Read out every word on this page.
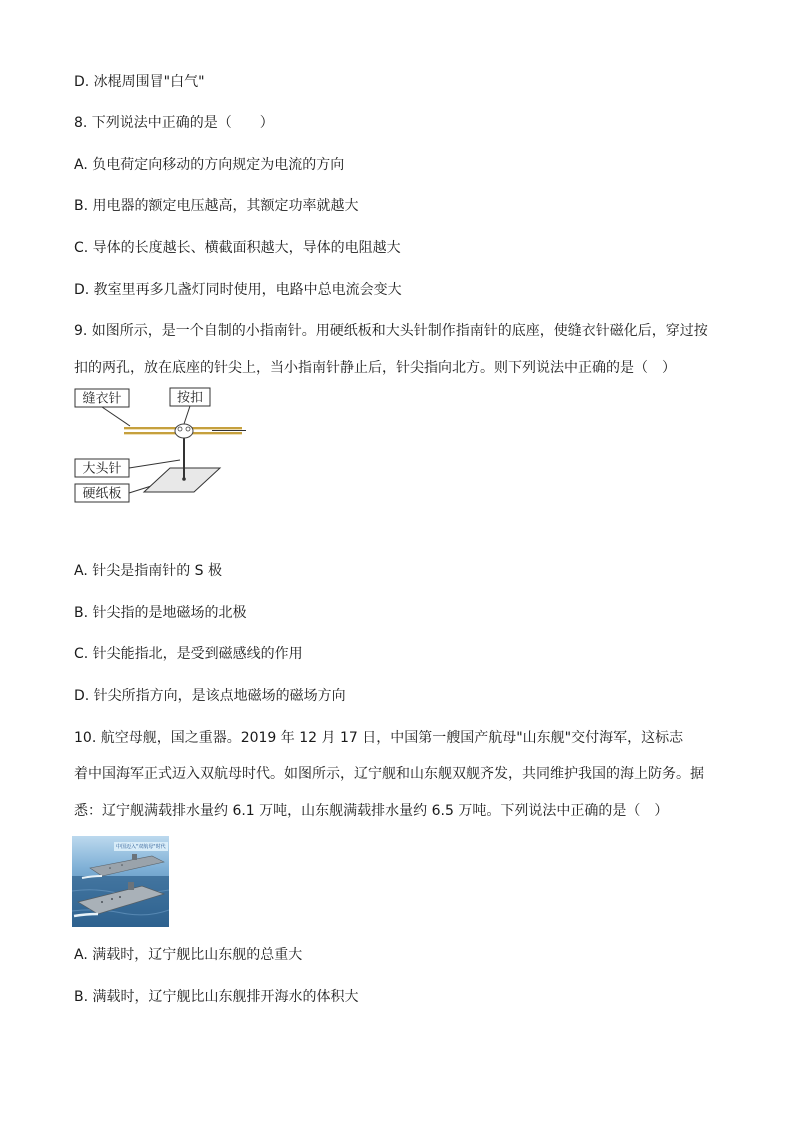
D. 冰棍周围冒"白气"
8. 下列说法中正确的是（　　）
A. 负电荷定向移动的方向规定为电流的方向
B. 用电器的额定电压越高，其额定功率就越大
C. 导体的长度越长、横截面积越大，导体的电阻越大
D. 教室里再多几盏灯同时使用，电路中总电流会变大
9. 如图所示，是一个自制的小指南针。用硬纸板和大头针制作指南针的底座，使缝衣针磁化后，穿过按
扣的两孔，放在底座的针尖上，当小指南针静止后，针尖指向北方。则下列说法中正确的是（　）
缝衣针	按扣
大头针
硬纸板
A. 针尖是指南针的 S 极
B. 针尖指的是地磁场的北极
C. 针尖能指北，是受到磁感线的作用
D. 针尖所指方向，是该点地磁场的磁场方向
10. 航空母舰，国之重器。2019 年 12 月 17 日，中国第一艘国产航母"山东舰"交付海军，这标志
着中国海军正式迈入双航母时代。如图所示，辽宁舰和山东舰双舰齐发，共同维护我国的海上防务。据
悉：辽宁舰满载排水量约 6.1 万吨，山东舰满载排水量约 6.5 万吨。下列说法中正确的是（　）
中国迈入"双航母"时代
A. 满载时，辽宁舰比山东舰的总重大
B. 满载时，辽宁舰比山东舰排开海水的体积大
